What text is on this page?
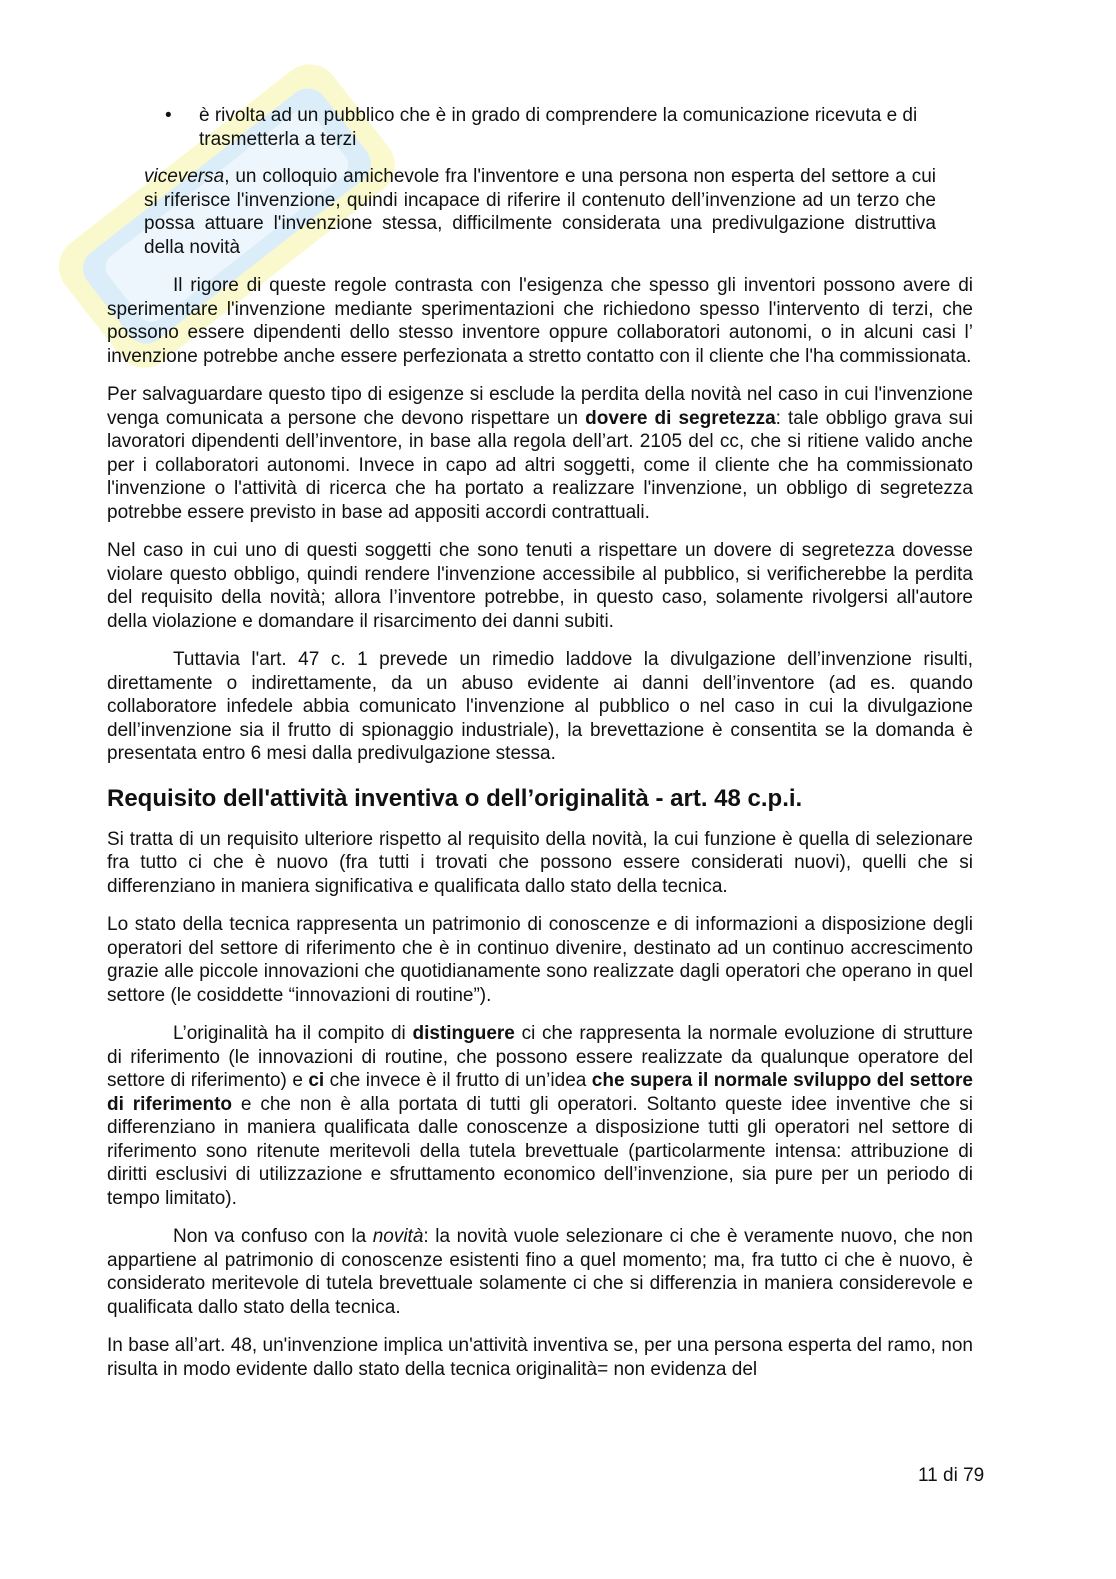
• è rivolta ad un pubblico che è in grado di comprendere la comunicazione ricevuta e di trasmetterla a terzi

viceversa, un colloquio amichevole fra l'inventore e una persona non esperta del settore a cui si riferisce l'invenzione, quindi incapace di riferire il contenuto dell’invenzione ad un terzo che possa attuare l'invenzione stessa, difficilmente considerata una predivulgazione distruttiva della novità

Il rigore di queste regole contrasta con l'esigenza che spesso gli inventori possono avere di sperimentare l'invenzione mediante sperimentazioni che richiedono spesso l'intervento di terzi, che possono essere dipendenti dello stesso inventore oppure collaboratori autonomi, o in alcuni casi l’ invenzione potrebbe anche essere perfezionata a stretto contatto con il cliente che l'ha commissionata.

Per salvaguardare questo tipo di esigenze si esclude la perdita della novità nel caso in cui l'invenzione venga comunicata a persone che devono rispettare un dovere di segretezza: tale obbligo grava sui lavoratori dipendenti dell’inventore, in base alla regola dell’art. 2105 del cc, che si ritiene valido anche per i collaboratori autonomi. Invece in capo ad altri soggetti, come il cliente che ha commissionato l'invenzione o l'attività di ricerca che ha portato a realizzare l'invenzione, un obbligo di segretezza potrebbe essere previsto in base ad appositi accordi contrattuali.

Nel caso in cui uno di questi soggetti che sono tenuti a rispettare un dovere di segretezza dovesse violare questo obbligo, quindi rendere l'invenzione accessibile al pubblico, si verificherebbe la perdita del requisito della novità; allora l’inventore potrebbe, in questo caso, solamente rivolgersi all'autore della violazione e domandare il risarcimento dei danni subiti.

Tuttavia l'art. 47 c. 1 prevede un rimedio laddove la divulgazione dell’invenzione risulti, direttamente o indirettamente, da un abuso evidente ai danni dell’inventore (ad es. quando collaboratore infedele abbia comunicato l'invenzione al pubblico o nel caso in cui la divulgazione dell’invenzione sia il frutto di spionaggio industriale), la brevettazione è consentita se la domanda è presentata entro 6 mesi dalla predivulgazione stessa.

Requisito dell'attività inventiva o dell’originalità - art. 48 c.p.i.

Si tratta di un requisito ulteriore rispetto al requisito della novità, la cui funzione è quella di selezionare fra tutto ci che è nuovo (fra tutti i trovati che possono essere considerati nuovi), quelli che si differenziano in maniera significativa e qualificata dallo stato della tecnica.

Lo stato della tecnica rappresenta un patrimonio di conoscenze e di informazioni a disposizione degli operatori del settore di riferimento che è in continuo divenire, destinato ad un continuo accrescimento grazie alle piccole innovazioni che quotidianamente sono realizzate dagli operatori che operano in quel settore (le cosiddette “innovazioni di routine”).

L’originalità ha il compito di distinguere ci che rappresenta la normale evoluzione di strutture di riferimento (le innovazioni di routine, che possono essere realizzate da qualunque operatore del settore di riferimento) e ci che invece è il frutto di un’idea che supera il normale sviluppo del settore di riferimento e che non è alla portata di tutti gli operatori. Soltanto queste idee inventive che si differenziano in maniera qualificata dalle conoscenze a disposizione tutti gli operatori nel settore di riferimento sono ritenute meritevoli della tutela brevettuale (particolarmente intensa: attribuzione di diritti esclusivi di utilizzazione e sfruttamento economico dell’invenzione, sia pure per un periodo di tempo limitato).

Non va confuso con la novità: la novità vuole selezionare ci che è veramente nuovo, che non appartiene al patrimonio di conoscenze esistenti fino a quel momento; ma, fra tutto ci che è nuovo, è considerato meritevole di tutela brevettuale solamente ci che si differenzia in maniera considerevole e qualificata dallo stato della tecnica.

In base all’art. 48, un'invenzione implica un'attività inventiva se, per una persona esperta del ramo, non risulta in modo evidente dallo stato della tecnica originalità= non evidenza del

11 di 79
